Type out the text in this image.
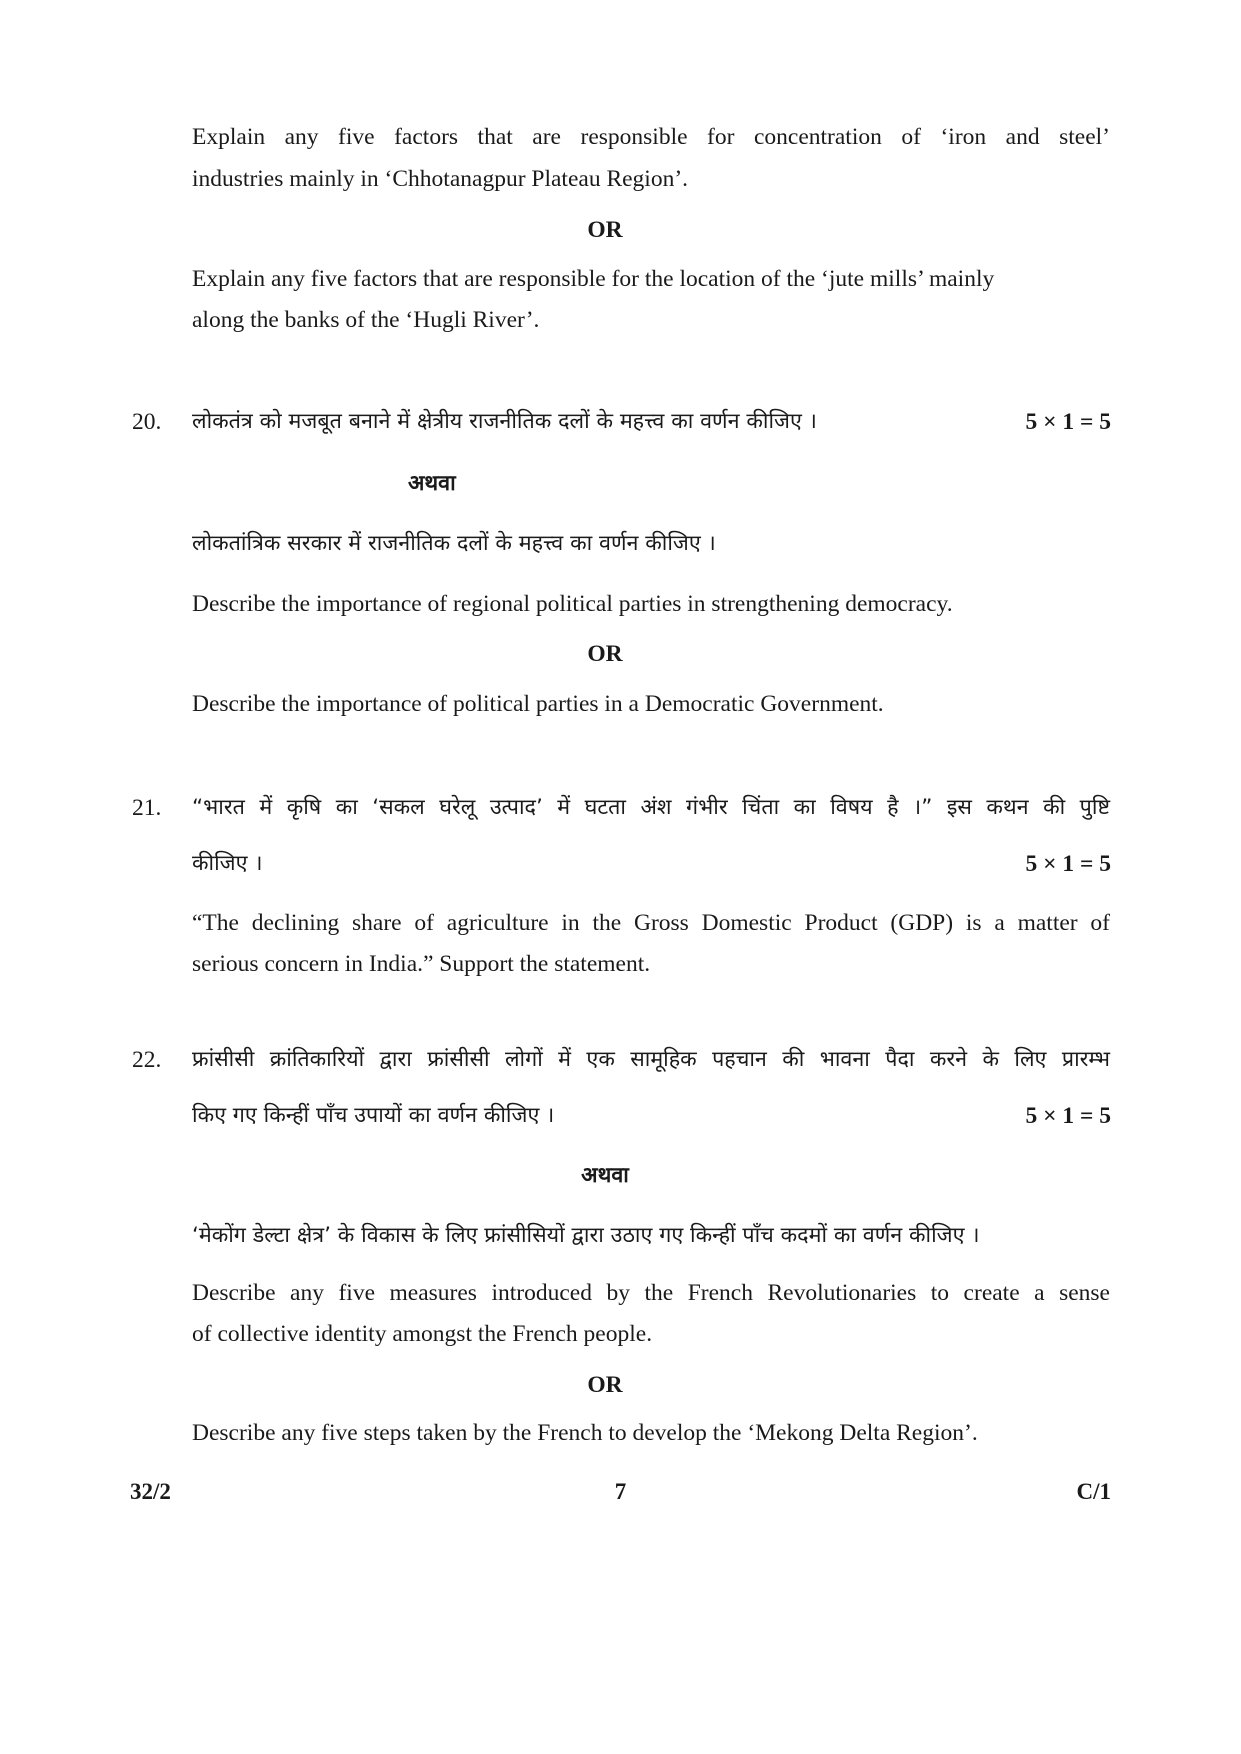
Explain any five factors that are responsible for concentration of ‘iron and steel’
industries mainly in ‘Chhotanagpur Plateau Region’.
OR
Explain any five factors that are responsible for the location of the ‘jute mills’ mainly
along the banks of the ‘Hugli River’.
20. लोकतंत्र को मजबूत बनाने में क्षेत्रीय राजनीतिक दलों के महत्त्व का वर्णन कीजिए ।	5 × 1 = 5
अथवा
लोकतांत्रिक सरकार में राजनीतिक दलों के महत्त्व का वर्णन कीजिए ।
Describe the importance of regional political parties in strengthening democracy.
OR
Describe the importance of political parties in a Democratic Government.
21. “भारत में कृषि का ‘सकल घरेलू उत्पाद’ में घटता अंश गंभीर चिंता का विषय है ।” इस कथन की पुष्टि
कीजिए ।	5 × 1 = 5
“The declining share of agriculture in the Gross Domestic Product (GDP) is a matter of
serious concern in India.” Support the statement.
22. फ्रांसीसी क्रांतिकारियों द्वारा फ्रांसीसी लोगों में एक सामूहिक पहचान की भावना पैदा करने के लिए प्रारम्भ
किए गए किन्हीं पाँच उपायों का वर्णन कीजिए ।	5 × 1 = 5
अथवा
‘मेकोंग डेल्टा क्षेत्र’ के विकास के लिए फ्रांसीसियों द्वारा उठाए गए किन्हीं पाँच कदमों का वर्णन कीजिए ।
Describe any five measures introduced by the French Revolutionaries to create a sense
of collective identity amongst the French people.
OR
Describe any five steps taken by the French to develop the ‘Mekong Delta Region’.
32/2	7	C/1
